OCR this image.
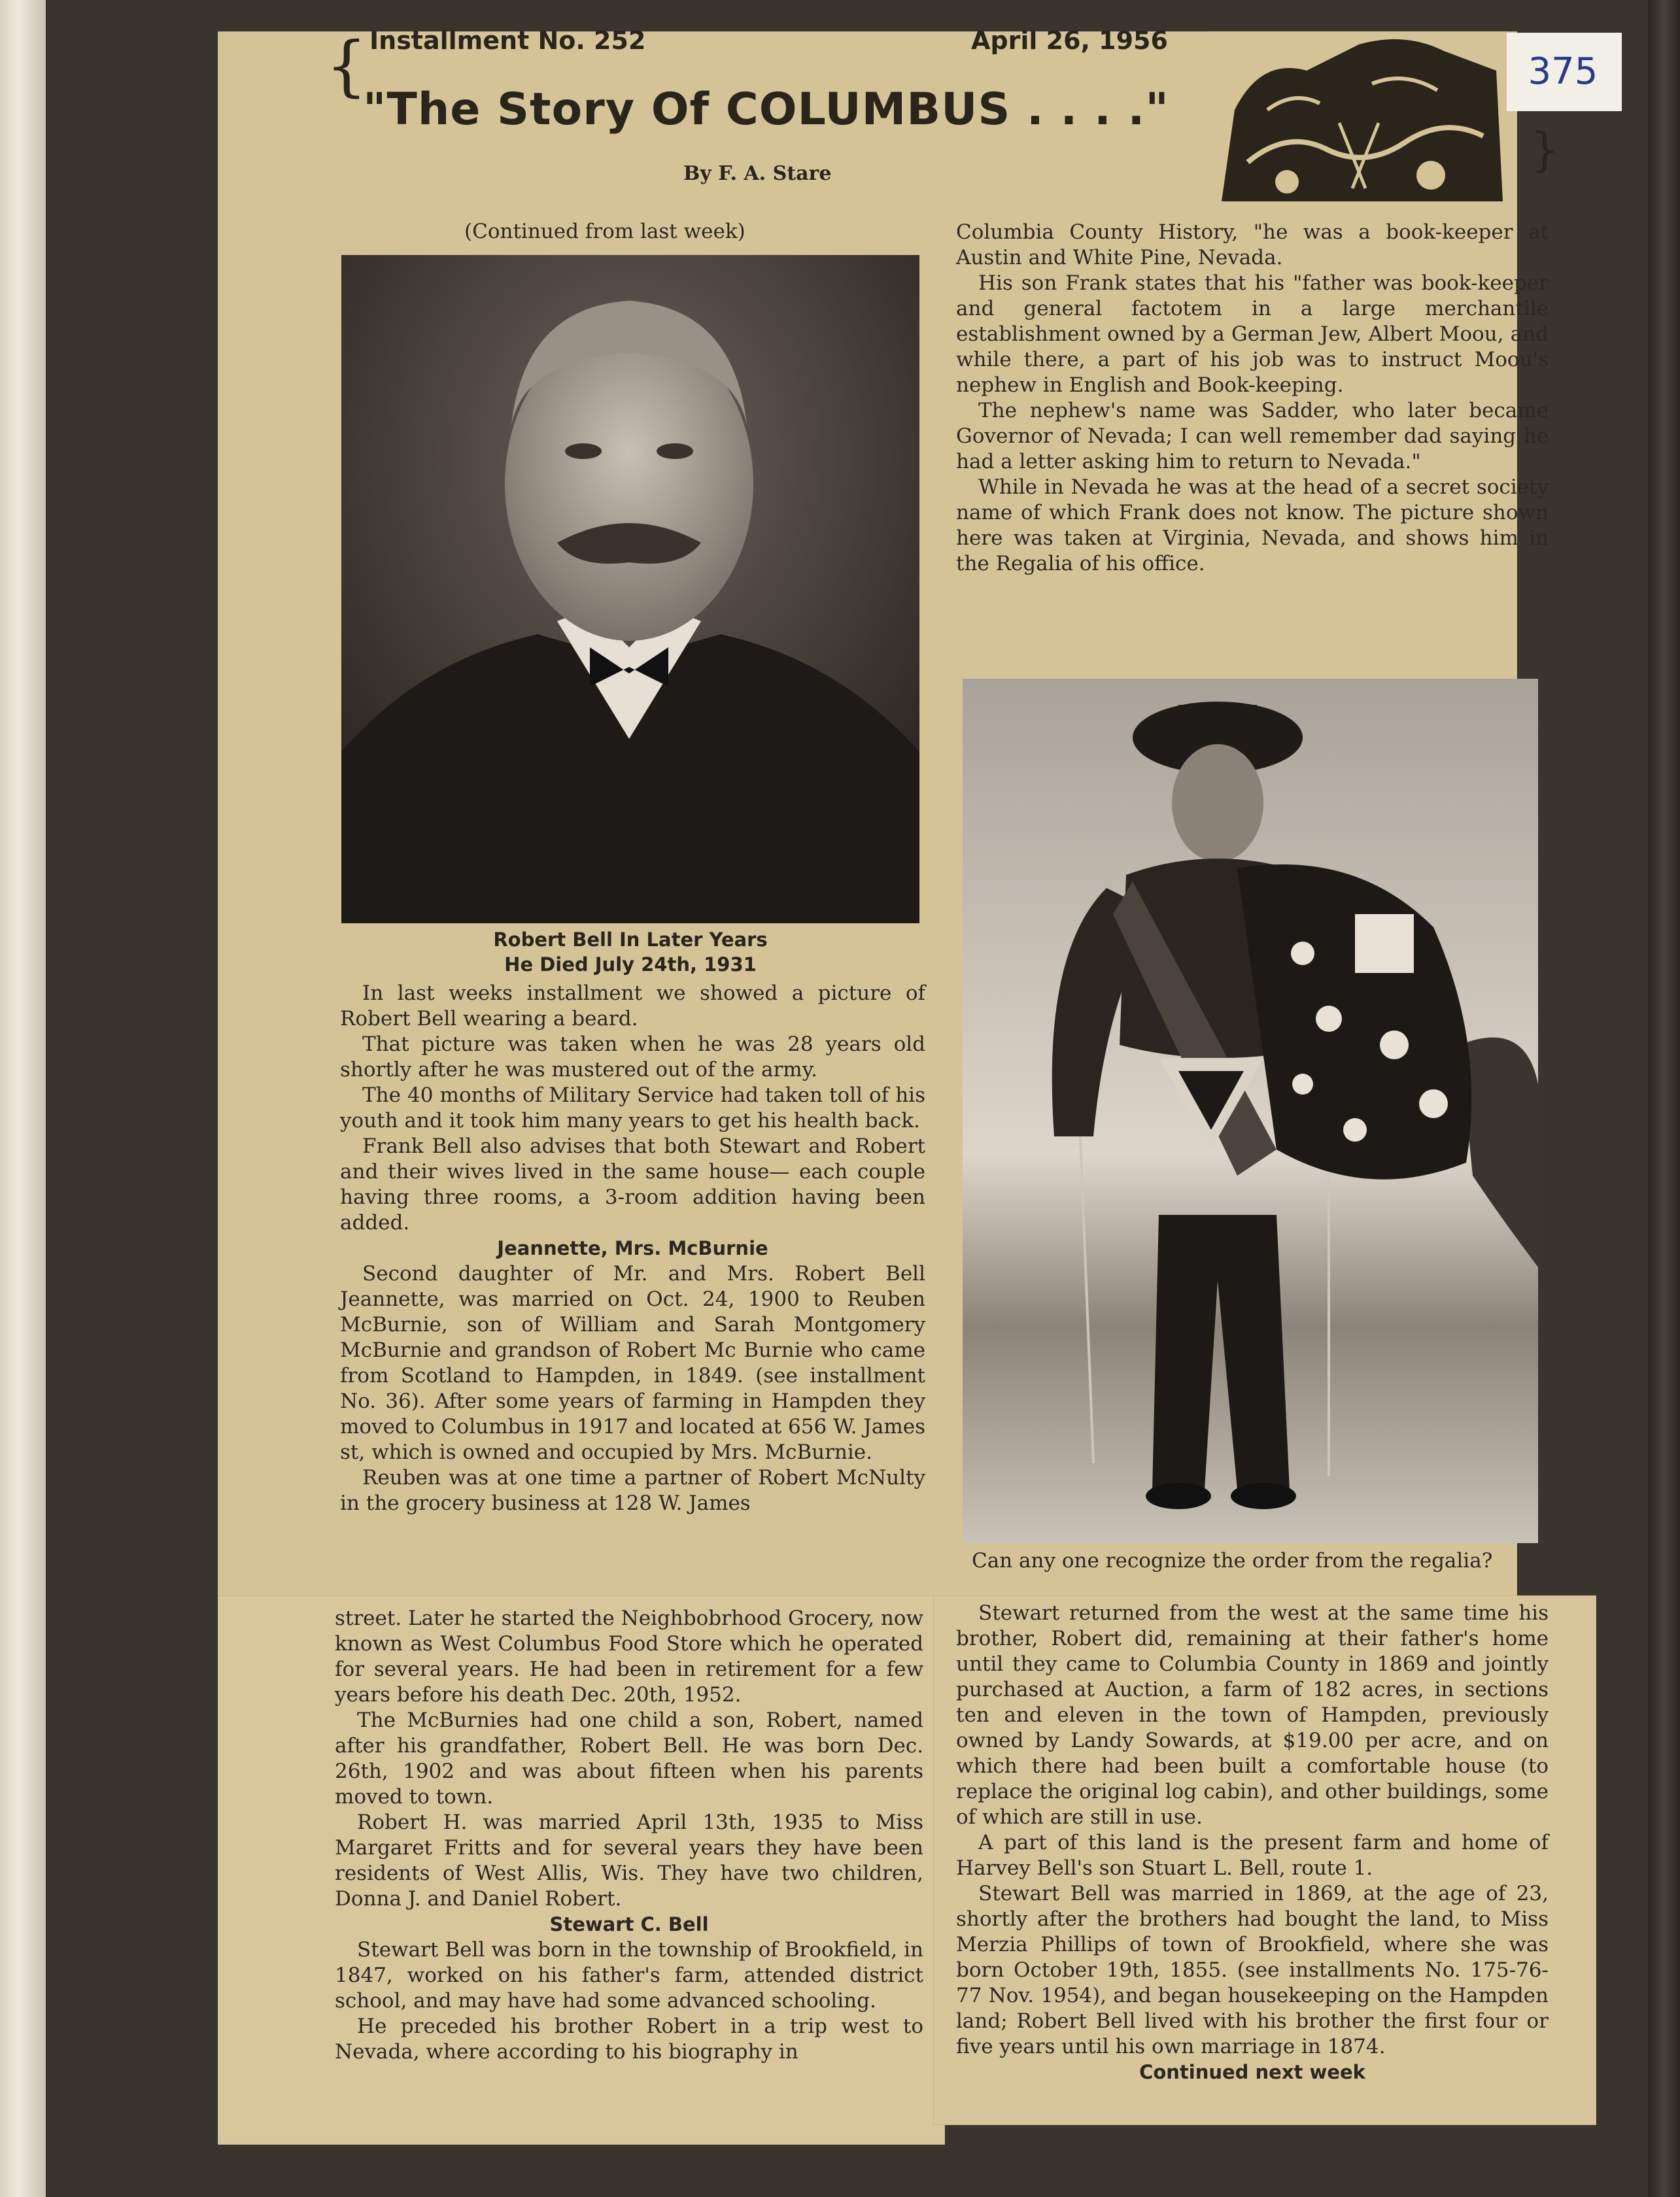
375
{
}
Installment No. 252	April 26, 1956
"The Story Of COLUMBUS . . . ."
By F. A. Stare
(Continued from last week)
Robert Bell In Later Years
He Died July 24th, 1931

In last weeks installment we showed a picture of Robert Bell wearing a beard.

That picture was taken when he was 28 years old shortly after he was mustered out of the army.

The 40 months of Military Service had taken toll of his youth and it took him many years to get his health back.

Frank Bell also advises that both Stewart and Robert and their wives lived in the same house— each couple having three rooms, a 3-room addition having been added.

Jeannette, Mrs. McBurnie

Second daughter of Mr. and Mrs. Robert Bell Jeannette, was married on Oct. 24, 1900 to Reuben McBurnie, son of William and Sarah Montgomery McBurnie and grandson of Robert Mc Burnie who came from Scotland to Hampden, in 1849. (see installment No. 36). After some years of farming in Hampden they moved to Columbus in 1917 and located at 656 W. James st, which is owned and occupied by Mrs. McBurnie.

Reuben was at one time a partner of Robert McNulty in the grocery business at 128 W. James

street. Later he started the Neighbobrhood Grocery, now known as West Columbus Food Store which he operated for several years. He had been in retirement for a few years before his death Dec. 20th, 1952.

The McBurnies had one child a son, Robert, named after his grandfather, Robert Bell. He was born Dec. 26th, 1902 and was about fifteen when his parents moved to town.

Robert H. was married April 13th, 1935 to Miss Margaret Fritts and for several years they have been residents of West Allis, Wis. They have two children, Donna J. and Daniel Robert.

Stewart C. Bell

Stewart Bell was born in the township of Brookfield, in 1847, worked on his father's farm, attended district school, and may have had some advanced schooling.

He preceded his brother Robert in a trip west to Nevada, where according to his biography in

Columbia County History, "he was a book-keeper at Austin and White Pine, Nevada.

His son Frank states that his "father was book-keeper and general factotem in a large merchantile establishment owned by a German Jew, Albert Moou, and while there, a part of his job was to instruct Moou's nephew in English and Book-keeping.

The nephew's name was Sadder, who later became Governor of Nevada; I can well remember dad saying he had a letter asking him to return to Nevada."

While in Nevada he was at the head of a secret society name of which Frank does not know. The picture shown here was taken at Virginia, Nevada, and shows him in the Regalia of his office.

Can any one recognize the order from the regalia?

Stewart returned from the west at the same time his brother, Robert did, remaining at their father's home until they came to Columbia County in 1869 and jointly purchased at Auction, a farm of 182 acres, in sections ten and eleven in the town of Hampden, previously owned by Landy Sowards, at $19.00 per acre, and on which there had been built a comfortable house (to replace the original log cabin), and other buildings, some of which are still in use.

A part of this land is the present farm and home of Harvey Bell's son Stuart L. Bell, route 1.

Stewart Bell was married in 1869, at the age of 23, shortly after the brothers had bought the land, to Miss Merzia Phillips of town of Brookfield, where she was born October 19th, 1855. (see installments No. 175-76-77 Nov. 1954), and began housekeeping on the Hampden land; Robert Bell lived with his brother the first four or five years until his own marriage in 1874.

Continued next week
